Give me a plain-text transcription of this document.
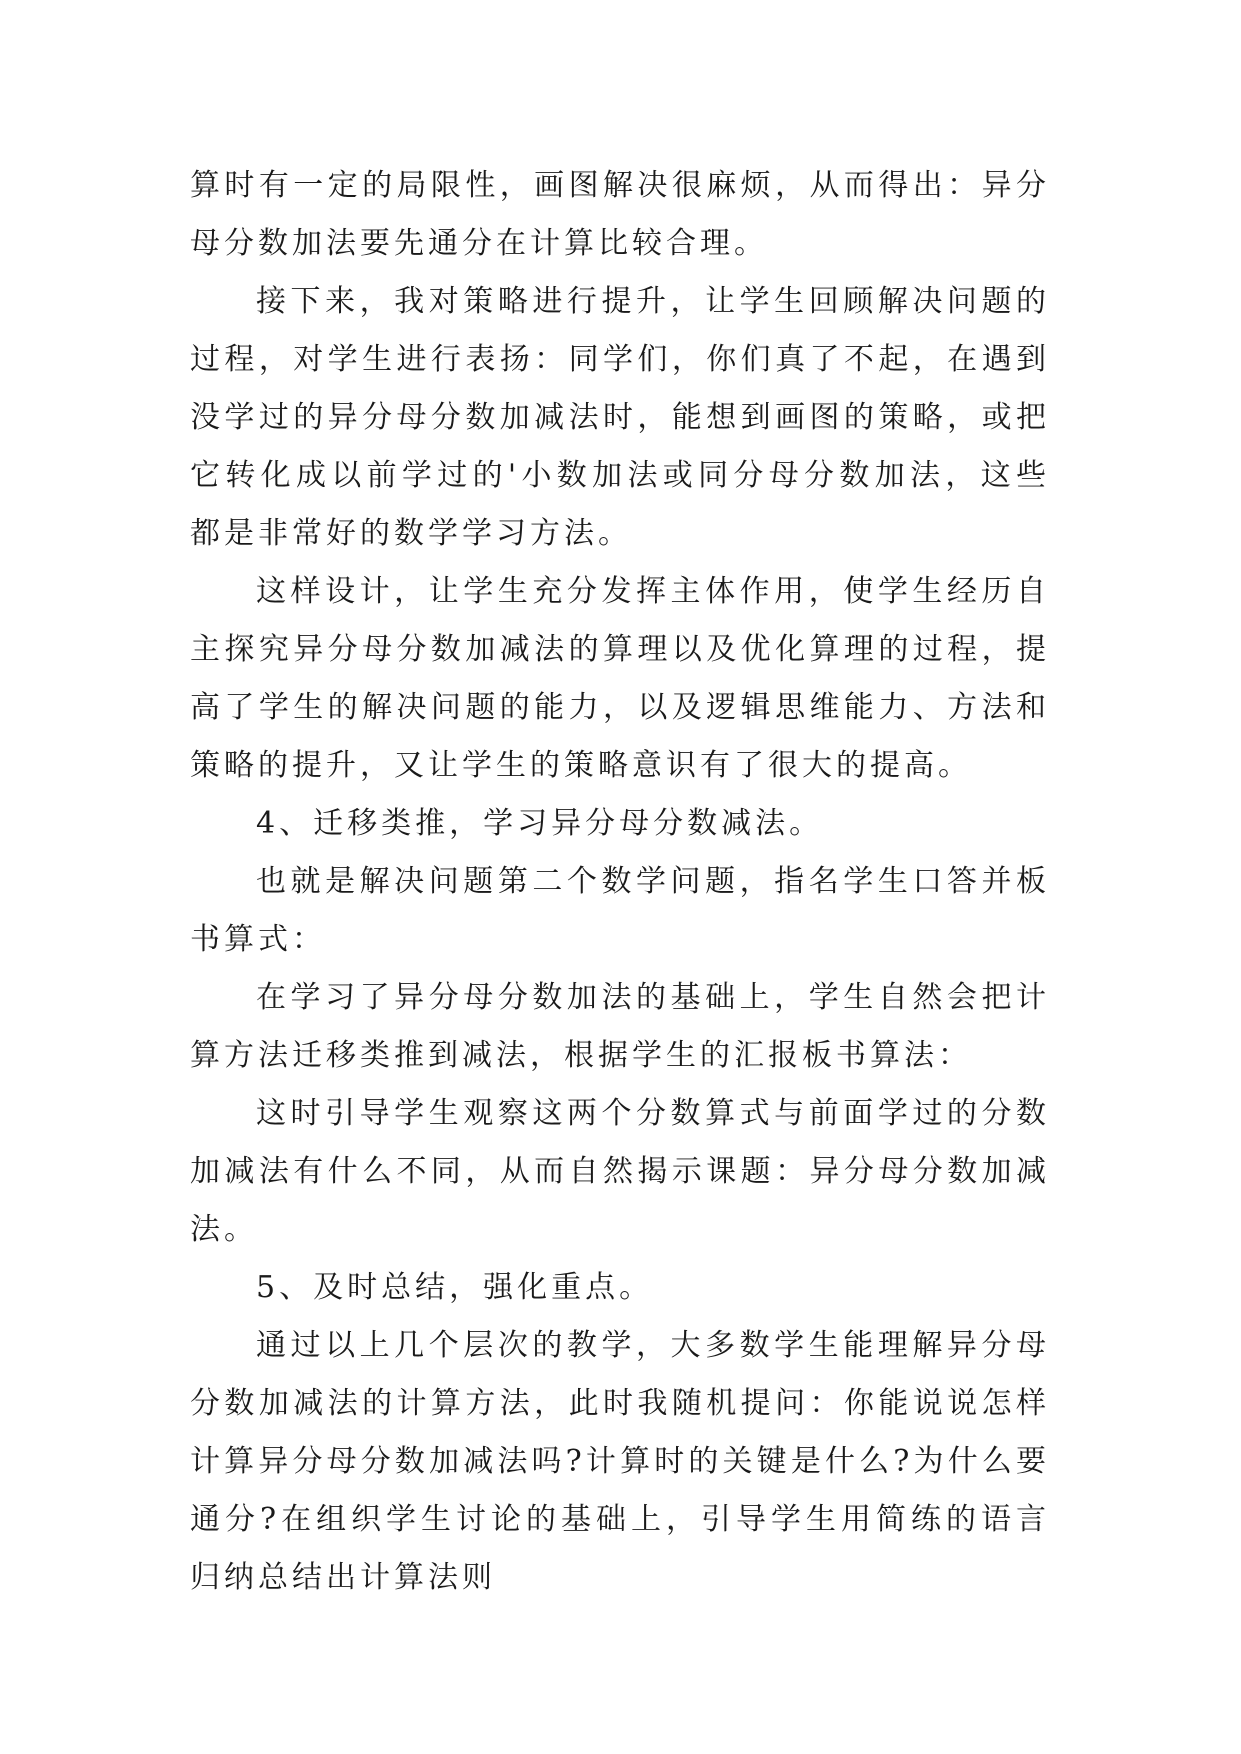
算时有一定的局限性，画图解决很麻烦，从而得出：异分母分数加法要先通分在计算比较合理。

接下来，我对策略进行提升，让学生回顾解决问题的过程，对学生进行表扬：同学们，你们真了不起，在遇到没学过的异分母分数加减法时，能想到画图的策略，或把它转化成以前学过的'小数加法或同分母分数加法，这些都是非常好的数学学习方法。

这样设计，让学生充分发挥主体作用，使学生经历自主探究异分母分数加减法的算理以及优化算理的过程，提高了学生的解决问题的能力，以及逻辑思维能力、方法和策略的提升，又让学生的策略意识有了很大的提高。

4、迁移类推，学习异分母分数减法。

也就是解决问题第二个数学问题，指名学生口答并板书算式：

在学习了异分母分数加法的基础上，学生自然会把计算方法迁移类推到减法，根据学生的汇报板书算法：

这时引导学生观察这两个分数算式与前面学过的分数加减法有什么不同，从而自然揭示课题：异分母分数加减法。

5、及时总结，强化重点。

通过以上几个层次的教学，大多数学生能理解异分母分数加减法的计算方法，此时我随机提问：你能说说怎样计算异分母分数加减法吗?计算时的关键是什么?为什么要通分?在组织学生讨论的基础上，引导学生用简练的语言归纳总结出计算法则
